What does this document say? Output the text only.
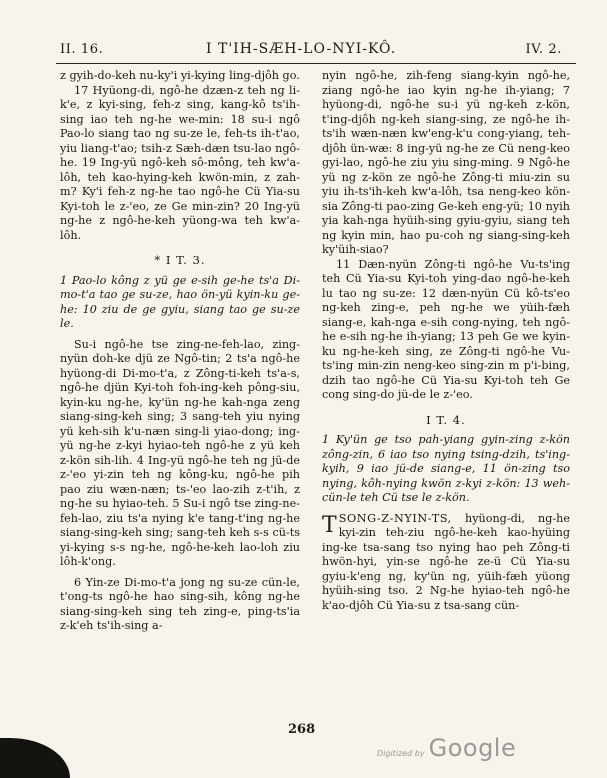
II. 16.	I T'IH-SÆH-LO-NYI-KÔ.	IV. 2.

z gyih-do-keh nu-ky'i yi-kying ling-djôh go.

17 Hyüong-di, ngô-he dzæn-z teh ng li-k'e, z kyi-sing, feh-z sing, kang-kô ts'ih-sing iao teh ng-he we-min: 18 su-i ngô Pao-lo siang tao ng su-ze le, feh-ts ih-t'ao, yiu liang-t'ao; tsih-z Sæh-dæn tsu-lao ngô-he. 19 Ing-yü ngô-keh sô-mông, teh kw'a-lôh, teh kao-hying-keh kwön-min, z zah-m? Ky'i feh-z ng-he tao ngô-he Cü Yia-su Kyi-toh le z-'eo, ze Ge min-zin? 20 Ing-yü ng-he z ngô-he-keh yüong-wa teh kw'a-lôh.

* I T. 3.

1 Pao-lo kông z yü ge e-sih ge-he ts'a Di-mo-t'a tao ge su-ze, hao ön-yü kyin-ku ge-he: 10 ziu de ge gyiu, siang tao ge su-ze le.

Su-i ngô-he tse zing-ne-feh-lao, zing-nyün doh-ke djü ze Ngô-tin; 2 ts'a ngô-he hyüong-di Di-mo-t'a, z Zông-ti-keh ts'a-s, ngô-he djün Kyi-toh foh-ing-keh pông-siu, kyin-ku ng-he, ky'ün ng-he kah-nga zeng siang-sing-keh sing; 3 sang-teh yiu nying yü keh-sih k'u-næn sing-li yiao-dong; ing-yü ng-he z-kyi hyiao-teh ngô-he z yü keh z-kön sih-lih. 4 Ing-yü ngô-he teh ng jü-de z-'eo yi-zin teh ng kông-ku, ngô-he pih pao ziu wæn-næn; ts-'eo lao-zih z-t'ih, z ng-he su hyiao-teh. 5 Su-i ngô tse zing-ne-feh-lao, ziu ts'a nying k'e tang-t'ing ng-he siang-sing-keh sing; sang-teh keh s-s cü-ts yi-kying s-s ng-he, ngô-he-keh lao-loh ziu lôh-k'ong.

6 Yin-ze Di-mo-t'a jong ng su-ze cün-le, t'ong-ts ngô-he hao sing-sih, kông ng-he siang-sing-keh sing teh zing-e, ping-ts'ia z-k'eh ts'ih-sing a-

nyin ngô-he, zih-feng siang-kyin ngô-he, ziang ngô-he iao kyin ng-he ih-yiang; 7 hyüong-di, ngô-he su-i yü ng-keh z-kön, t'ing-djôh ng-keh siang-sing, ze ngô-he ih-ts'ih wæn-næn kw'eng-k'u cong-yiang, teh-djôh ün-wæ: 8 ing-yü ng-he ze Cü neng-keo gyi-lao, ngô-he ziu yiu sing-ming. 9 Ngô-he yü ng z-kön ze ngô-he Zông-ti miu-zin su yiu ih-ts'ih-keh kw'a-lôh, tsa neng-keo kön-sia Zông-ti pao-zing Ge-keh eng-yü; 10 nyih yia kah-nga hyüih-sing gyiu-gyiu, siang teh ng kyin min, hao pu-coh ng siang-sing-keh ky'üih-siao?

11 Dæn-nyün Zông-ti ngô-he Vu-ts'ing teh Cü Yia-su Kyi-toh ying-dao ngô-he-keh lu tao ng su-ze: 12 dæn-nyün Cü kô-ts'eo ng-keh zing-e, peh ng-he we yüih-fæh siang-e, kah-nga e-sih cong-nying, teh ngô-he e-sih ng-he ih-yiang; 13 peh Ge we kyin-ku ng-he-keh sing, ze Zông-ti ngô-he Vu-ts'ing min-zin neng-keo sing-zin m p'i-bing, dzih tao ngô-he Cü Yia-su Kyi-toh teh Ge cong sing-do jü-de le z-'eo.

I T. 4.

1 Ky'ün ge tso pah-yiang gyin-zing z-kön zông-zin, 6 iao tso nying tsing-dzih, ts'ing-kyih, 9 iao jü-de siang-e, 11 ön-zing tso nying, kôh-nying kwön z-kyi z-kön: 13 weh-cün-le teh Cü tse le z-kön.

T SONG-Z-NYIN-TS, hyüong-di, ng-he kyi-zin teh-ziu ngô-he-keh kao-hyüing ing-ke tsa-sang tso nying hao peh Zông-ti hwön-hyi, yin-se ngô-he ze-ü Cü Yia-su gyiu-k'eng ng, ky'ün ng, yüih-fæh yüong hyüih-sing tso. 2 Ng-he hyiao-teh ngô-he k'ao-djôh Cü Yia-su z tsa-sang cün-

268
Digitized by Google
